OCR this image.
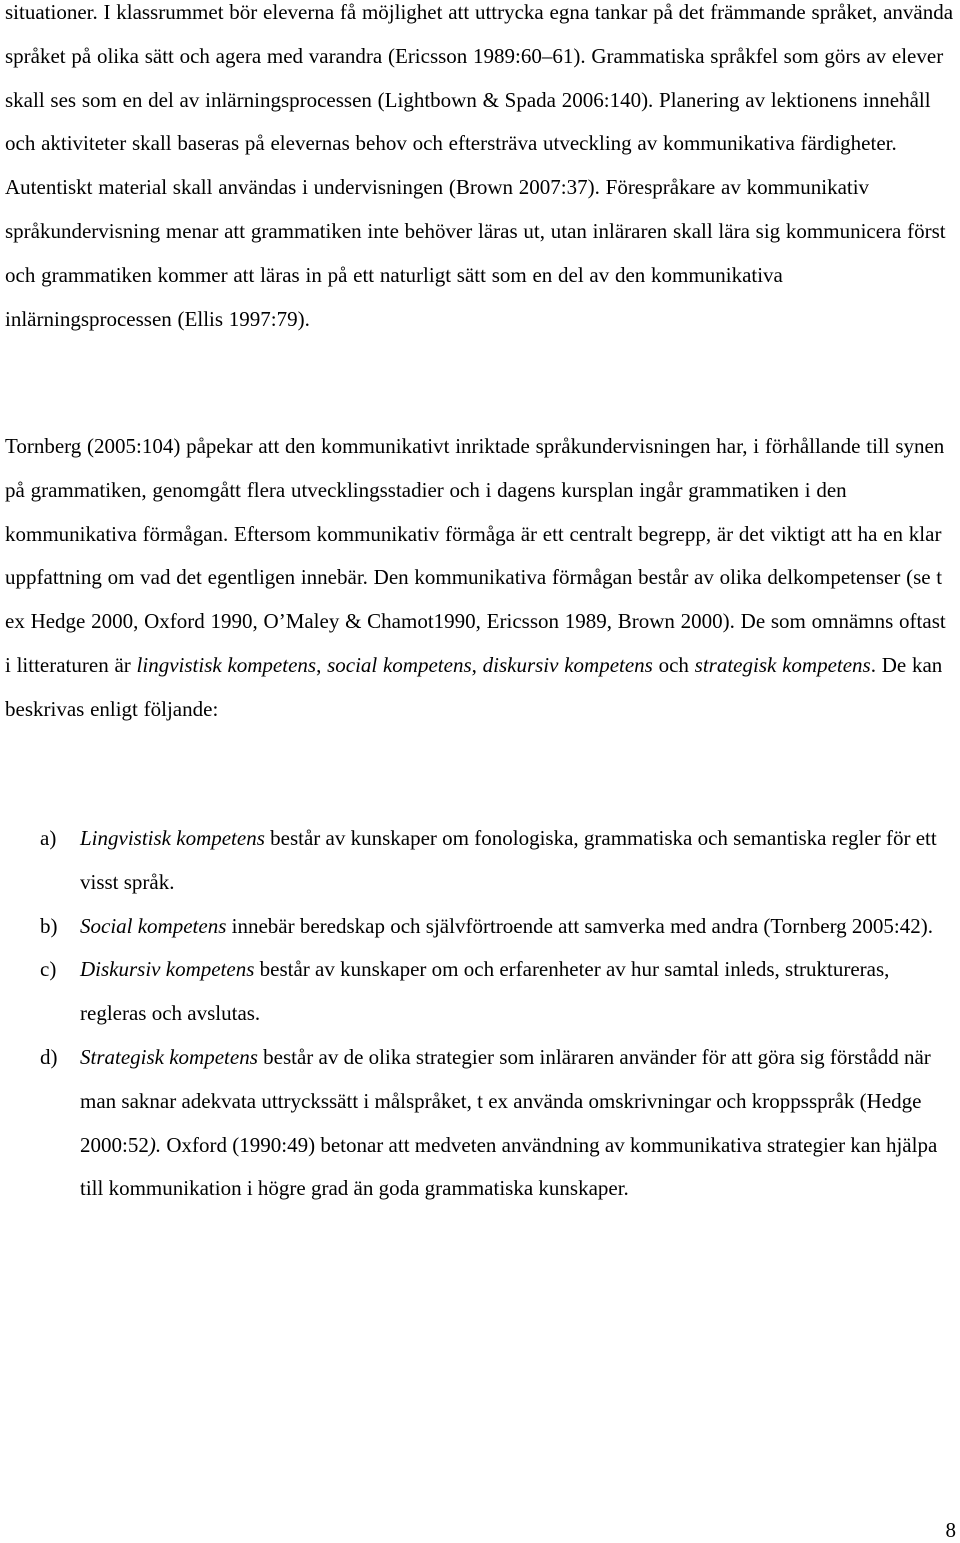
situationer. I klassrummet bör eleverna få möjlighet att uttrycka egna tankar på det främmande språket, använda språket på olika sätt och agera med varandra (Ericsson 1989:60–61). Grammatiska språkfel som görs av elever skall ses som en del av inlärningsprocessen (Lightbown & Spada 2006:140). Planering av lektionens innehåll och aktiviteter skall baseras på elevernas behov och eftersträva utveckling av kommunikativa färdigheter. Autentiskt material skall användas i undervisningen (Brown 2007:37). Förespråkare av kommunikativ språkundervisning menar att grammatiken inte behöver läras ut, utan inläraren skall lära sig kommunicera först och grammatiken kommer att läras in på ett naturligt sätt som en del av den kommunikativa inlärningsprocessen (Ellis 1997:79).

Tornberg (2005:104) påpekar att den kommunikativt inriktade språkundervisningen har, i förhållande till synen på grammatiken, genomgått flera utvecklingsstadier och i dagens kursplan ingår grammatiken i den kommunikativa förmågan. Eftersom kommunikativ förmåga är ett centralt begrepp, är det viktigt att ha en klar uppfattning om vad det egentligen innebär. Den kommunikativa förmågan består av olika delkompetenser (se t ex Hedge 2000, Oxford 1990, O’Maley & Chamot1990, Ericsson 1989, Brown 2000). De som omnämns oftast i litteraturen är lingvistisk kompetens, social kompetens, diskursiv kompetens och strategisk kompetens. De kan beskrivas enligt följande:

a) Lingvistisk kompetens består av kunskaper om fonologiska, grammatiska och semantiska regler för ett visst språk.
b) Social kompetens innebär beredskap och självförtroende att samverka med andra (Tornberg 2005:42).
c) Diskursiv kompetens består av kunskaper om och erfarenheter av hur samtal inleds, struktureras, regleras och avslutas.
d) Strategisk kompetens består av de olika strategier som inläraren använder för att göra sig förstådd när man saknar adekvata uttryckssätt i målspråket, t ex använda omskrivningar och kroppsspråk (Hedge 2000:52). Oxford (1990:49) betonar att medveten användning av kommunikativa strategier kan hjälpa till kommunikation i högre grad än goda grammatiska kunskaper.
8
